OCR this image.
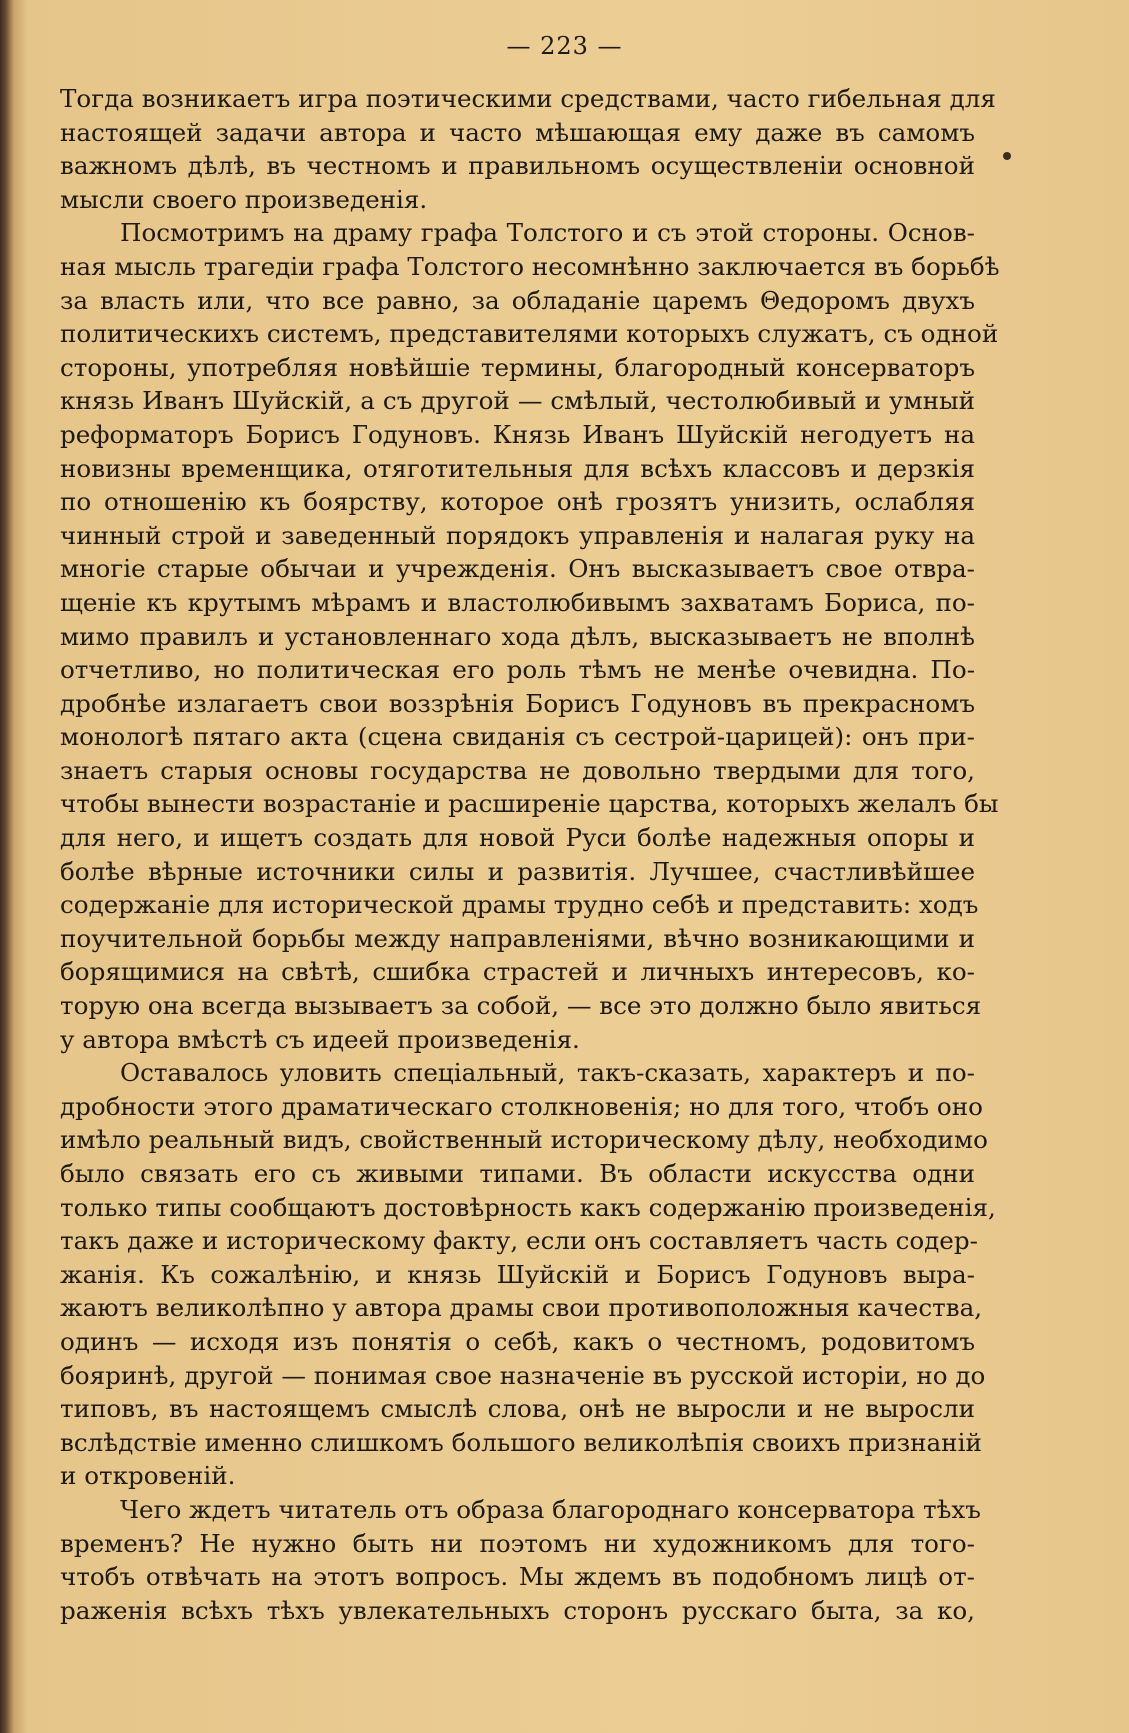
— 223 —
Тогда возникаетъ игра поэтическими средствами, часто гибельная для
настоящей задачи автора и часто мѣшающая ему даже въ самомъ
важномъ дѣлѣ, въ честномъ и правильномъ осуществленіи основной
мысли своего произведенія.
Посмотримъ на драму графа Толстого и съ этой стороны. Основ-
ная мысль трагедіи графа Толстого несомнѣнно заключается въ борьбѣ
за власть или, что все равно, за обладаніе царемъ Θедоромъ двухъ
политическихъ системъ, представителями которыхъ служатъ, съ одной
стороны, употребляя новѣйшіе термины, благородный консерваторъ
князь Иванъ Шуйскій, а съ другой — смѣлый, честолюбивый и умный
реформаторъ Борисъ Годуновъ. Князь Иванъ Шуйскій негодуетъ на
новизны временщика, отяготительныя для всѣхъ классовъ и дерзкія
по отношенію къ боярству, которое онѣ грозятъ унизить, ослабляя
чинный строй и заведенный порядокъ управленія и налагая руку на
многіе старые обычаи и учрежденія. Онъ высказываетъ свое отвра-
щеніе къ крутымъ мѣрамъ и властолюбивымъ захватамъ Бориса, по-
мимо правилъ и установленнаго хода дѣлъ, высказываетъ не вполнѣ
отчетливо, но политическая его роль тѣмъ не менѣе очевидна. По-
дробнѣе излагаетъ свои воззрѣнія Борисъ Годуновъ въ прекрасномъ
монологѣ пятаго акта (сцена свиданія съ сестрой-царицей): онъ при-
знаетъ старыя основы государства не довольно твердыми для того,
чтобы вынести возрастаніе и расширеніе царства, которыхъ желалъ бы
для него, и ищетъ создать для новой Руси болѣе надежныя опоры и
болѣе вѣрные источники силы и развитія. Лучшее, счастливѣйшее
содержаніе для исторической драмы трудно себѣ и представить: ходъ
поучительной борьбы между направленіями, вѣчно возникающими и
борящимися на свѣтѣ, сшибка страстей и личныхъ интересовъ, ко-
торую она всегда вызываетъ за собой, — все это должно было явиться
у автора вмѣстѣ съ идеей произведенія.
Оставалось уловить спеціальный, такъ-сказать, характеръ и по-
дробности этого драматическаго столкновенія; но для того, чтобъ оно
имѣло реальный видъ, свойственный историческому дѣлу, необходимо
было связать его съ живыми типами. Въ области искусства одни
только типы сообщаютъ достовѣрность какъ содержанію произведенія,
такъ даже и историческому факту, если онъ составляетъ часть содер-
жанія. Къ сожалѣнію, и князь Шуйскій и Борисъ Годуновъ выра-
жаютъ великолѣпно у автора драмы свои противоположныя качества,
одинъ — исходя изъ понятія о себѣ, какъ о честномъ, родовитомъ
бояринѣ, другой — понимая свое назначеніе въ русской исторіи, но до
типовъ, въ настоящемъ смыслѣ слова, онѣ не выросли и не выросли
вслѣдствіе именно слишкомъ большого великолѣпія своихъ признаній
и откровеній.
Чего ждетъ читатель отъ образа благороднаго консерватора тѣхъ
временъ? Не нужно быть ни поэтомъ ни художникомъ для того-
чтобъ отвѣчать на этотъ вопросъ. Мы ждемъ въ подобномъ лицѣ от-
раженія всѣхъ тѣхъ увлекательныхъ сторонъ русскаго быта, за ко,
